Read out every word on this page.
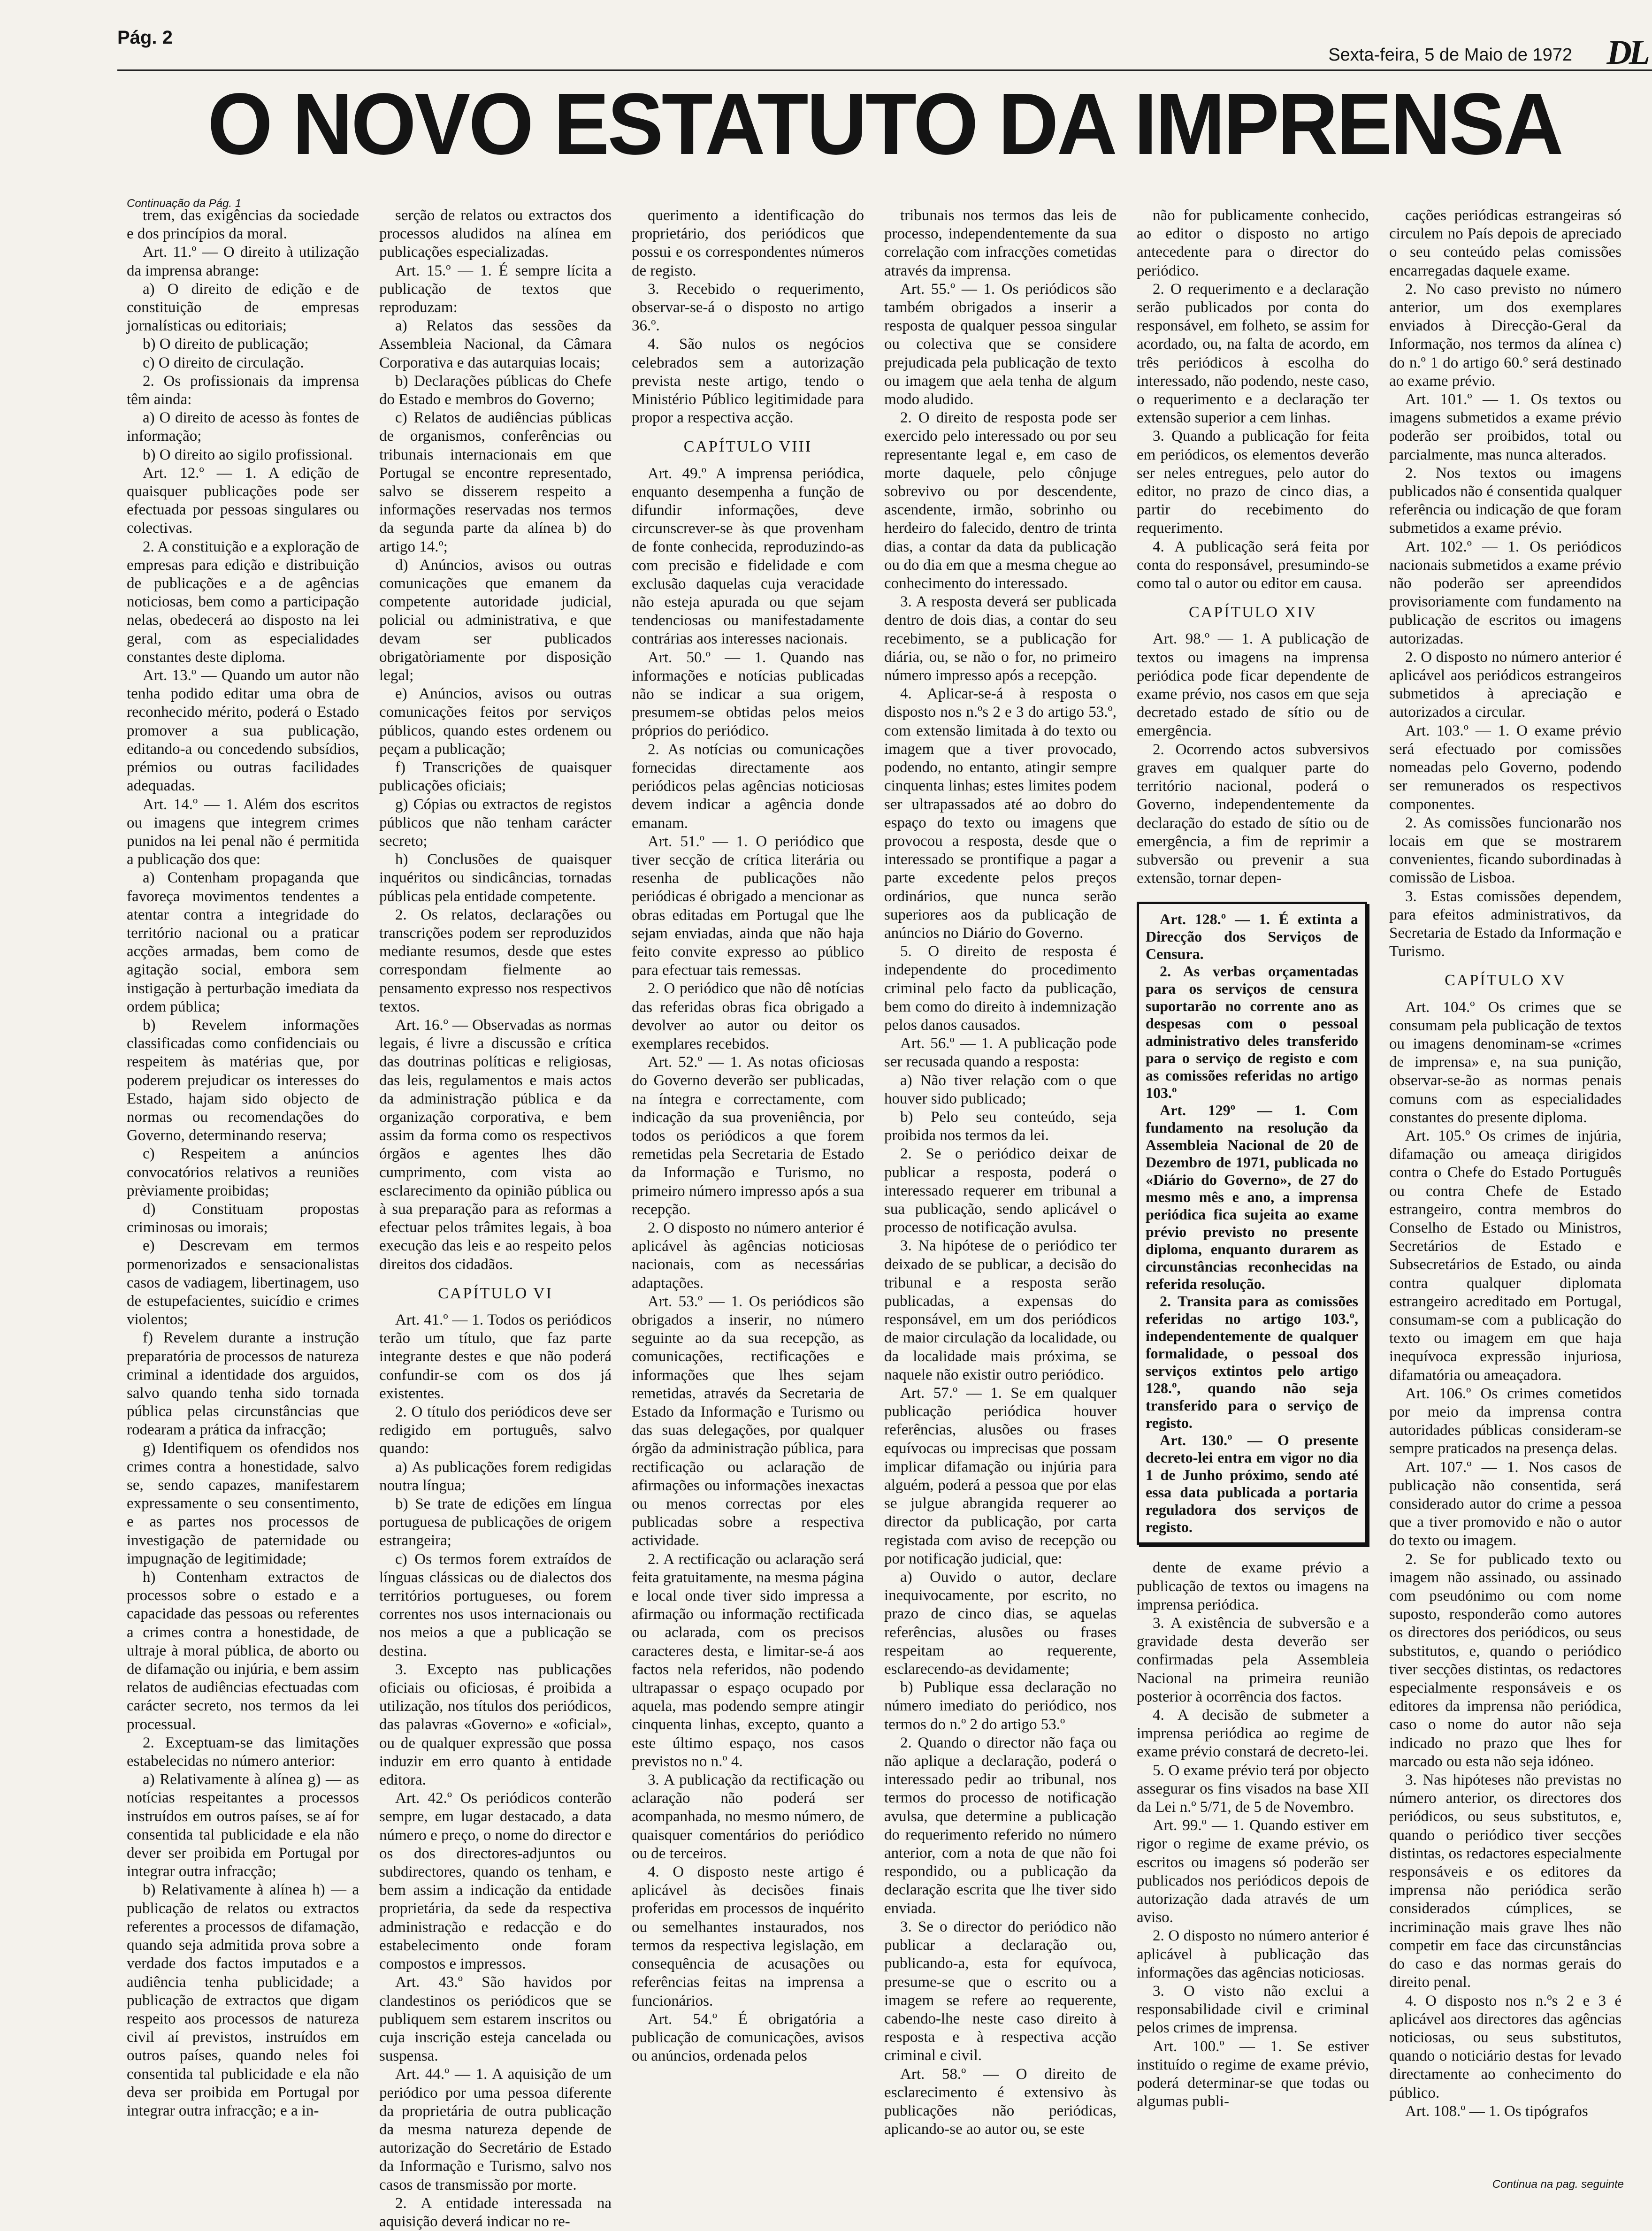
Pág. 2
Sexta-feira, 5 de Maio de 1972 DL
O NOVO ESTATUTO DA IMPRENSA
Continuação da Pág. 1

trem, das exigências da sociedade e dos princípios da moral.

Art. 11.º — O direito à utilização da imprensa abrange:

a) O direito de edição e de constituição de empresas jornalísticas ou editoriais;

b) O direito de publicação;

c) O direito de circulação.

2. Os profissionais da imprensa têm ainda:

a) O direito de acesso às fontes de informação;

b) O direito ao sigilo profissional.

Art. 12.º — 1. A edição de quaisquer publicações pode ser efectuada por pessoas singulares ou colectivas.

2. A constituição e a exploração de empresas para edição e distribuição de publicações e a de agências noticiosas, bem como a participação nelas, obedecerá ao disposto na lei geral, com as especialidades constantes deste diploma.

Art. 13.º — Quando um autor não tenha podido editar uma obra de reconhecido mérito, poderá o Estado promover a sua publicação, editando-a ou concedendo subsídios, prémios ou outras facilidades adequadas.

Art. 14.º — 1. Além dos escritos ou imagens que integrem crimes punidos na lei penal não é permitida a publicação dos que:

a) Contenham propaganda que favoreça movimentos tendentes a atentar contra a integridade do território nacional ou a praticar acções armadas, bem como de agitação social, embora sem instigação à perturbação imediata da ordem pública;

b) Revelem informações classificadas como confidenciais ou respeitem às matérias que, por poderem prejudicar os interesses do Estado, hajam sido objecto de normas ou recomendações do Governo, determinando reserva;

c) Respeitem a anúncios convocatórios relativos a reuniões prèviamente proibidas;

d) Constituam propostas criminosas ou imorais;

e) Descrevam em termos pormenorizados e sensacionalistas casos de vadiagem, libertinagem, uso de estupefacientes, suicídio e crimes violentos;

f) Revelem durante a instrução preparatória de processos de natureza criminal a identidade dos arguidos, salvo quando tenha sido tornada pública pelas circunstâncias que rodearam a prática da infracção;

g) Identifiquem os ofendidos nos crimes contra a honestidade, salvo se, sendo capazes, manifestarem expressamente o seu consentimento, e as partes nos processos de investigação de paternidade ou impugnação de legitimidade;

h) Contenham extractos de processos sobre o estado e a capacidade das pessoas ou referentes a crimes contra a honestidade, de ultraje à moral pública, de aborto ou de difamação ou injúria, e bem assim relatos de audiências efectuadas com carácter secreto, nos termos da lei processual.

2. Exceptuam-se das limitações estabelecidas no número anterior:

a) Relativamente à alínea g) — as notícias respeitantes a processos instruídos em outros países, se aí for consentida tal publicidade e ela não dever ser proibida em Portugal por integrar outra infracção;

b) Relativamente à alínea h) — a publicação de relatos ou extractos referentes a processos de difamação, quando seja admitida prova sobre a verdade dos factos imputados e a audiência tenha publicidade; a publicação de extractos que digam respeito aos processos de natureza civil aí previstos, instruídos em outros países, quando neles foi consentida tal publicidade e ela não deva ser proibida em Portugal por integrar outra infracção; e a in-

serção de relatos ou extractos dos processos aludidos na alínea em publicações especializadas.

Art. 15.º — 1. É sempre lícita a publicação de textos que reproduzam:

a) Relatos das sessões da Assembleia Nacional, da Câmara Corporativa e das autarquias locais;

b) Declarações públicas do Chefe do Estado e membros do Governo;

c) Relatos de audiências públicas de organismos, conferências ou tribunais internacionais em que Portugal se encontre representado, salvo se disserem respeito a informações reservadas nos termos da segunda parte da alínea b) do artigo 14.º;

d) Anúncios, avisos ou outras comunicações que emanem da competente autoridade judicial, policial ou administrativa, e que devam ser publicados obrigatòriamente por disposição legal;

e) Anúncios, avisos ou outras comunicações feitos por serviços públicos, quando estes ordenem ou peçam a publicação;

f) Transcrições de quaisquer publicações oficiais;

g) Cópias ou extractos de registos públicos que não tenham carácter secreto;

h) Conclusões de quaisquer inquéritos ou sindicâncias, tornadas públicas pela entidade competente.

2. Os relatos, declarações ou transcrições podem ser reproduzidos mediante resumos, desde que estes correspondam fielmente ao pensamento expresso nos respectivos textos.

Art. 16.º — Observadas as normas legais, é livre a discussão e crítica das doutrinas políticas e religiosas, das leis, regulamentos e mais actos da administração pública e da organização corporativa, e bem assim da forma como os respectivos órgãos e agentes lhes dão cumprimento, com vista ao esclarecimento da opinião pública ou à sua preparação para as reformas a efectuar pelos trâmites legais, à boa execução das leis e ao respeito pelos direitos dos cidadãos.

CAPÍTULO VI

Art. 41.º — 1. Todos os periódicos terão um título, que faz parte integrante destes e que não poderá confundir-se com os dos já existentes.

2. O título dos periódicos deve ser redigido em português, salvo quando:

a) As publicações forem redigidas noutra língua;

b) Se trate de edições em língua portuguesa de publicações de origem estrangeira;

c) Os termos forem extraídos de línguas clássicas ou de dialectos dos territórios portugueses, ou forem correntes nos usos internacionais ou nos meios a que a publicação se destina.

3. Excepto nas publicações oficiais ou oficiosas, é proibida a utilização, nos títulos dos periódicos, das palavras «Governo» e «oficial», ou de qualquer expressão que possa induzir em erro quanto à entidade editora.

Art. 42.º Os periódicos conterão sempre, em lugar destacado, a data número e preço, o nome do director e os dos directores-adjuntos ou subdirectores, quando os tenham, e bem assim a indicação da entidade proprietária, da sede da respectiva administração e redacção e do estabelecimento onde foram compostos e impressos.

Art. 43.º São havidos por clandestinos os periódicos que se publiquem sem estarem inscritos ou cuja inscrição esteja cancelada ou suspensa.

Art. 44.º — 1. A aquisição de um periódico por uma pessoa diferente da proprietária de outra publicação da mesma natureza depende de autorização do Secretário de Estado da Informação e Turismo, salvo nos casos de transmissão por morte.

2. A entidade interessada na aquisição deverá indicar no re-

querimento a identificação do proprietário, dos periódicos que possui e os correspondentes números de registo.

3. Recebido o requerimento, observar-se-á o disposto no artigo 36.º.

4. São nulos os negócios celebrados sem a autorização prevista neste artigo, tendo o Ministério Público legitimidade para propor a respectiva acção.

CAPÍTULO VIII

Art. 49.º A imprensa periódica, enquanto desempenha a função de difundir informações, deve circunscrever-se às que provenham de fonte conhecida, reproduzindo-as com precisão e fidelidade e com exclusão daquelas cuja veracidade não esteja apurada ou que sejam tendenciosas ou manifestadamente contrárias aos interesses nacionais.

Art. 50.º — 1. Quando nas informações e notícias publicadas não se indicar a sua origem, presumem-se obtidas pelos meios próprios do periódico.

2. As notícias ou comunicações fornecidas directamente aos periódicos pelas agências noticiosas devem indicar a agência donde emanam.

Art. 51.º — 1. O periódico que tiver secção de crítica literária ou resenha de publicações não periódicas é obrigado a mencionar as obras editadas em Portugal que lhe sejam enviadas, ainda que não haja feito convite expresso ao público para efectuar tais remessas.

2. O periódico que não dê notícias das referidas obras fica obrigado a devolver ao autor ou deitor os exemplares recebidos.

Art. 52.º — 1. As notas oficiosas do Governo deverão ser publicadas, na íntegra e correctamente, com indicação da sua proveniência, por todos os periódicos a que forem remetidas pela Secretaria de Estado da Informação e Turismo, no primeiro número impresso após a sua recepção.

2. O disposto no número anterior é aplicável às agências noticiosas nacionais, com as necessárias adaptações.

Art. 53.º — 1. Os periódicos são obrigados a inserir, no número seguinte ao da sua recepção, as comunicações, rectificações e informações que lhes sejam remetidas, através da Secretaria de Estado da Informação e Turismo ou das suas delegações, por qualquer órgão da administração pública, para rectificação ou aclaração de afirmações ou informações inexactas ou menos correctas por eles publicadas sobre a respectiva actividade.

2. A rectificação ou aclaração será feita gratuitamente, na mesma página e local onde tiver sido impressa a afirmação ou informação rectificada ou aclarada, com os precisos caracteres desta, e limitar-se-á aos factos nela referidos, não podendo ultrapassar o espaço ocupado por aquela, mas podendo sempre atingir cinquenta linhas, excepto, quanto a este último espaço, nos casos previstos no n.º 4.

3. A publicação da rectificação ou aclaração não poderá ser acompanhada, no mesmo número, de quaisquer comentários do periódico ou de terceiros.

4. O disposto neste artigo é aplicável às decisões finais proferidas em processos de inquérito ou semelhantes instaurados, nos termos da respectiva legislação, em consequência de acusações ou referências feitas na imprensa a funcionários.

Art. 54.º É obrigatória a publicação de comunicações, avisos ou anúncios, ordenada pelos

tribunais nos termos das leis de processo, independentemente da sua correlação com infracções cometidas através da imprensa.

Art. 55.º — 1. Os periódicos são também obrigados a inserir a resposta de qualquer pessoa singular ou colectiva que se considere prejudicada pela publicação de texto ou imagem que aela tenha de algum modo aludido.

2. O direito de resposta pode ser exercido pelo interessado ou por seu representante legal e, em caso de morte daquele, pelo cônjuge sobrevivo ou por descendente, ascendente, irmão, sobrinho ou herdeiro do falecido, dentro de trinta dias, a contar da data da publicação ou do dia em que a mesma chegue ao conhecimento do interessado.

3. A resposta deverá ser publicada dentro de dois dias, a contar do seu recebimento, se a publicação for diária, ou, se não o for, no primeiro número impresso após a recepção.

4. Aplicar-se-á à resposta o disposto nos n.ºs 2 e 3 do artigo 53.º, com extensão limitada à do texto ou imagem que a tiver provocado, podendo, no entanto, atingir sempre cinquenta linhas; estes limites podem ser ultrapassados até ao dobro do espaço do texto ou imagens que provocou a resposta, desde que o interessado se prontifique a pagar a parte excedente pelos preços ordinários, que nunca serão superiores aos da publicação de anúncios no Diário do Governo.

5. O direito de resposta é independente do procedimento criminal pelo facto da publicação, bem como do direito à indemnização pelos danos causados.

Art. 56.º — 1. A publicação pode ser recusada quando a resposta:

a) Não tiver relação com o que houver sido publicado;

b) Pelo seu conteúdo, seja proibida nos termos da lei.

2. Se o periódico deixar de publicar a resposta, poderá o interessado requerer em tribunal a sua publicação, sendo aplicável o processo de notificação avulsa.

3. Na hipótese de o periódico ter deixado de se publicar, a decisão do tribunal e a resposta serão publicadas, a expensas do responsável, em um dos periódicos de maior circulação da localidade, ou da localidade mais próxima, se naquele não existir outro periódico.

Art. 57.º — 1. Se em qualquer publicação periódica houver referências, alusões ou frases equívocas ou imprecisas que possam implicar difamação ou injúria para alguém, poderá a pessoa que por elas se julgue abrangida requerer ao director da publicação, por carta registada com aviso de recepção ou por notificação judicial, que:

a) Ouvido o autor, declare inequivocamente, por escrito, no prazo de cinco dias, se aquelas referências, alusões ou frases respeitam ao requerente, esclarecendo-as devidamente;

b) Publique essa declaração no número imediato do periódico, nos termos do n.º 2 do artigo 53.º

2. Quando o director não faça ou não aplique a declaração, poderá o interessado pedir ao tribunal, nos termos do processo de notificação avulsa, que determine a publicação do requerimento referido no número anterior, com a nota de que não foi respondido, ou a publicação da declaração escrita que lhe tiver sido enviada.

3. Se o director do periódico não publicar a declaração ou, publicando-a, esta for equívoca, presume-se que o escrito ou a imagem se refere ao requerente, cabendo-lhe neste caso direito à resposta e à respectiva acção criminal e civil.

Art. 58.º — O direito de esclarecimento é extensivo às publicações não periódicas, aplicando-se ao autor ou, se este

não for publicamente conhecido, ao editor o disposto no artigo antecedente para o director do periódico.

2. O requerimento e a declaração serão publicados por conta do responsável, em folheto, se assim for acordado, ou, na falta de acordo, em três periódicos à escolha do interessado, não podendo, neste caso, o requerimento e a declaração ter extensão superior a cem linhas.

3. Quando a publicação for feita em periódicos, os elementos deverão ser neles entregues, pelo autor do editor, no prazo de cinco dias, a partir do recebimento do requerimento.

4. A publicação será feita por conta do responsável, presumindo-se como tal o autor ou editor em causa.

CAPÍTULO XIV

Art. 98.º — 1. A publicação de textos ou imagens na imprensa periódica pode ficar dependente de exame prévio, nos casos em que seja decretado estado de sítio ou de emergência.

2. Ocorrendo actos subversivos graves em qualquer parte do território nacional, poderá o Governo, independentemente da declaração do estado de sítio ou de emergência, a fim de reprimir a subversão ou prevenir a sua extensão, tornar depen-

Art. 128.º — 1. É extinta a Direcção dos Serviços de Censura.

2. As verbas orçamentadas para os serviços de censura suportarão no corrente ano as despesas com o pessoal administrativo deles transferido para o serviço de registo e com as comissões referidas no artigo 103.º

Art. 129º — 1. Com fundamento na resolução da Assembleia Nacional de 20 de Dezembro de 1971, publicada no «Diário do Governo», de 27 do mesmo mês e ano, a imprensa periódica fica sujeita ao exame prévio previsto no presente diploma, enquanto durarem as circunstâncias reconhecidas na referida resolução.

2. Transita para as comissões referidas no artigo 103.º, independentemente de qualquer formalidade, o pessoal dos serviços extintos pelo artigo 128.º, quando não seja transferido para o serviço de registo.

Art. 130.º — O presente decreto-lei entra em vigor no dia 1 de Junho próximo, sendo até essa data publicada a portaria reguladora dos serviços de registo.

dente de exame prévio a publicação de textos ou imagens na imprensa periódica.

3. A existência de subversão e a gravidade desta deverão ser confirmadas pela Assembleia Nacional na primeira reunião posterior à ocorrência dos factos.

4. A decisão de submeter a imprensa periódica ao regime de exame prévio constará de decreto-lei.

5. O exame prévio terá por objecto assegurar os fins visados na base XII da Lei n.º 5/71, de 5 de Novembro.

Art. 99.º — 1. Quando estiver em rigor o regime de exame prévio, os escritos ou imagens só poderão ser publicados nos periódicos depois de autorização dada através de um aviso.

2. O disposto no número anterior é aplicável à publicação das informações das agências noticiosas.

3. O visto não exclui a responsabilidade civil e criminal pelos crimes de imprensa.

Art. 100.º — 1. Se estiver instituído o regime de exame prévio, poderá determinar-se que todas ou algumas publi-

cações periódicas estrangeiras só circulem no País depois de apreciado o seu conteúdo pelas comissões encarregadas daquele exame.

2. No caso previsto no número anterior, um dos exemplares enviados à Direcção-Geral da Informação, nos termos da alínea c) do n.º 1 do artigo 60.º será destinado ao exame prévio.

Art. 101.º — 1. Os textos ou imagens submetidos a exame prévio poderão ser proibidos, total ou parcialmente, mas nunca alterados.

2. Nos textos ou imagens publicados não é consentida qualquer referência ou indicação de que foram submetidos a exame prévio.

Art. 102.º — 1. Os periódicos nacionais submetidos a exame prévio não poderão ser apreendidos provisoriamente com fundamento na publicação de escritos ou imagens autorizadas.

2. O disposto no número anterior é aplicável aos periódicos estrangeiros submetidos à apreciação e autorizados a circular.

Art. 103.º — 1. O exame prévio será efectuado por comissões nomeadas pelo Governo, podendo ser remunerados os respectivos componentes.

2. As comissões funcionarão nos locais em que se mostrarem convenientes, ficando subordinadas à comissão de Lisboa.

3. Estas comissões dependem, para efeitos administrativos, da Secretaria de Estado da Informação e Turismo.

CAPÍTULO XV

Art. 104.º Os crimes que se consumam pela publicação de textos ou imagens denominam-se «crimes de imprensa» e, na sua punição, observar-se-ão as normas penais comuns com as especialidades constantes do presente diploma.

Art. 105.º Os crimes de injúria, difamação ou ameaça dirigidos contra o Chefe do Estado Português ou contra Chefe de Estado estrangeiro, contra membros do Conselho de Estado ou Ministros, Secretários de Estado e Subsecretários de Estado, ou ainda contra qualquer diplomata estrangeiro acreditado em Portugal, consumam-se com a publicação do texto ou imagem em que haja inequívoca expressão injuriosa, difamatória ou ameaçadora.

Art. 106.º Os crimes cometidos por meio da imprensa contra autoridades públicas consideram-se sempre praticados na presença delas.

Art. 107.º — 1. Nos casos de publicação não consentida, será considerado autor do crime a pessoa que a tiver promovido e não o autor do texto ou imagem.

2. Se for publicado texto ou imagem não assinado, ou assinado com pseudónimo ou com nome suposto, responderão como autores os directores dos periódicos, ou seus substitutos, e, quando o periódico tiver secções distintas, os redactores especialmente responsáveis e os editores da imprensa não periódica, caso o nome do autor não seja indicado no prazo que lhes for marcado ou esta não seja idóneo.

3. Nas hipóteses não previstas no número anterior, os directores dos periódicos, ou seus substitutos, e, quando o periódico tiver secções distintas, os redactores especialmente responsáveis e os editores da imprensa não periódica serão considerados cúmplices, se incriminação mais grave lhes não competir em face das circunstâncias do caso e das normas gerais do direito penal.

4. O disposto nos n.ºs 2 e 3 é aplicável aos directores das agências noticiosas, ou seus substitutos, quando o noticiário destas for levado directamente ao conhecimento do público.

Art. 108.º — 1. Os tipógrafos

Continua na pag. seguinte
